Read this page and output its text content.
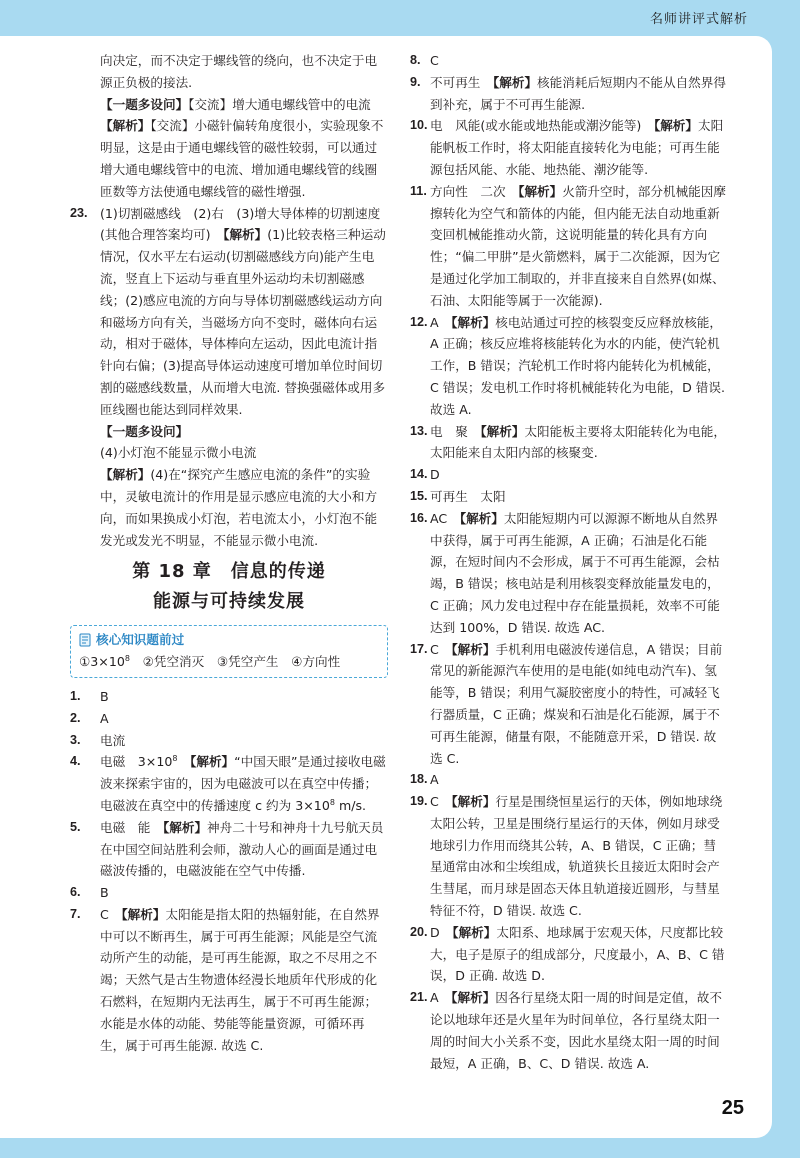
名师讲评式解析
向决定，而不决定于螺线管的绕向，也不决定于电源正负极的接法.
【一题多设问】【交流】增大通电螺线管中的电流
【解析】【交流】小磁针偏转角度很小，实验现象不明显，这是由于通电螺线管的磁性较弱，可以通过增大通电螺线管中的电流、增加通电螺线管的线圈匝数等方法使通电螺线管的磁性增强.
23. (1)切割磁感线　(2)右　(3)增大导体棒的切割速度(其他合理答案均可)　【解析】(1)比较表格三种运动情况，仅水平左右运动(切割磁感线方向)能产生电流，竖直上下运动与垂直里外运动均未切割磁感线；(2)感应电流的方向与导体切割磁感线运动方向和磁场方向有关，当磁场方向不变时，磁体向右运动，相对于磁体，导体棒向左运动，因此电流计指针向右偏；(3)提高导体运动速度可增加单位时间切割的磁感线数量，从而增大电流. 替换强磁体或用多匝线圈也能达到同样效果.
【一题多设问】
(4)小灯泡不能显示微小电流
【解析】(4)在“探究产生感应电流的条件”的实验中，灵敏电流计的作用是显示感应电流的大小和方向，而如果换成小灯泡，若电流太小，小灯泡不能发光或发光不明显，不能显示微小电流.
第 18 章　信息的传递
能源与可持续发展
核心知识题前过
$①3\times 10^8$　②凭空消灭　③凭空产生　④方向性
1. B
2. A
3. 电流
4. 电磁　$3\times 10^8$　 【解析】“中国天眼”是通过接收电磁波来探索宇宙的，因为电磁波可以在真空中传播；电磁波在真空中的传播速度 c 约为 $3\times 10^8$ m/s.
5. 电磁　能　【解析】神舟二十号和神舟十九号航天员在中国空间站胜利会师，激动人心的画面是通过电磁波传播的，电磁波能在空气中传播.
6. B
7. C　【解析】太阳能是指太阳的热辐射能，在自然界中可以不断再生，属于可再生能源；风能是空气流动所产生的动能，是可再生能源，取之不尽用之不竭；天然气是古生物遗体经漫长地质年代形成的化石燃料，在短期内无法再生，属于不可再生能源；水能是水体的动能、势能等能量资源，可循环再生，属于可再生能源. 故选 C.
8. C
9. 不可再生　【解析】核能消耗后短期内不能从自然界得到补充，属于不可再生能源.
10. 电　风能(或水能或地热能或潮汐能等)　【解析】太阳能帆板工作时，将太阳能直接转化为电能；可再生能源包括风能、水能、地热能、潮汐能等.
11. 方向性　二次　【解析】火箭升空时，部分机械能因摩擦转化为空气和箭体的内能，但内能无法自动地重新变回机械能推动火箭，这说明能量的转化具有方向性；“偏二甲肼”是火箭燃料，属于二次能源，因为它是通过化学加工制取的，并非直接来自自然界(如煤、石油、太阳能等属于一次能源).
12. A　【解析】核电站通过可控的核裂变反应释放核能，A 正确；核反应堆将核能转化为水的内能，使汽轮机工作，B 错误；汽轮机工作时将内能转化为机械能，C 错误；发电机工作时将机械能转化为电能，D 错误. 故选 A.
13. 电　聚　【解析】太阳能板主要将太阳能转化为电能，太阳能来自太阳内部的核聚变.
14. D
15. 可再生　太阳
16. AC　【解析】太阳能短期内可以源源不断地从自然界中获得，属于可再生能源，A 正确；石油是化石能源，在短时间内不会形成，属于不可再生能源，会枯竭，B 错误；核电站是利用核裂变释放能量发电的，C 正确；风力发电过程中存在能量损耗，效率不可能达到 100%，D 错误. 故选 AC.
17. C　【解析】手机利用电磁波传递信息，A 错误；目前常见的新能源汽车使用的是电能(如纯电动汽车)、氢能等，B 错误；利用气凝胶密度小的特性，可减轻飞行器质量，C 正确；煤炭和石油是化石能源，属于不可再生能源，储量有限，不能随意开采，D 错误. 故选 C.
18. A
19. C　【解析】行星是围绕恒星运行的天体，例如地球绕太阳公转，卫星是围绕行星运行的天体，例如月球受地球引力作用而绕其公转，A、B 错误，C 正确；彗星通常由冰和尘埃组成，轨道狭长且接近太阳时会产生彗尾，而月球是固态天体且轨道接近圆形，与彗星特征不符，D 错误. 故选 C.
20. D　【解析】太阳系、地球属于宏观天体，尺度都比较大，电子是原子的组成部分，尺度最小，A、B、C 错误，D 正确. 故选 D.
21. A　【解析】因各行星绕太阳一周的时间是定值，故不论以地球年还是火星年为时间单位，各行星绕太阳一周的时间大小关系不变，因此水星绕太阳一周的时间最短，A 正确，B、C、D 错误. 故选 A.
25
